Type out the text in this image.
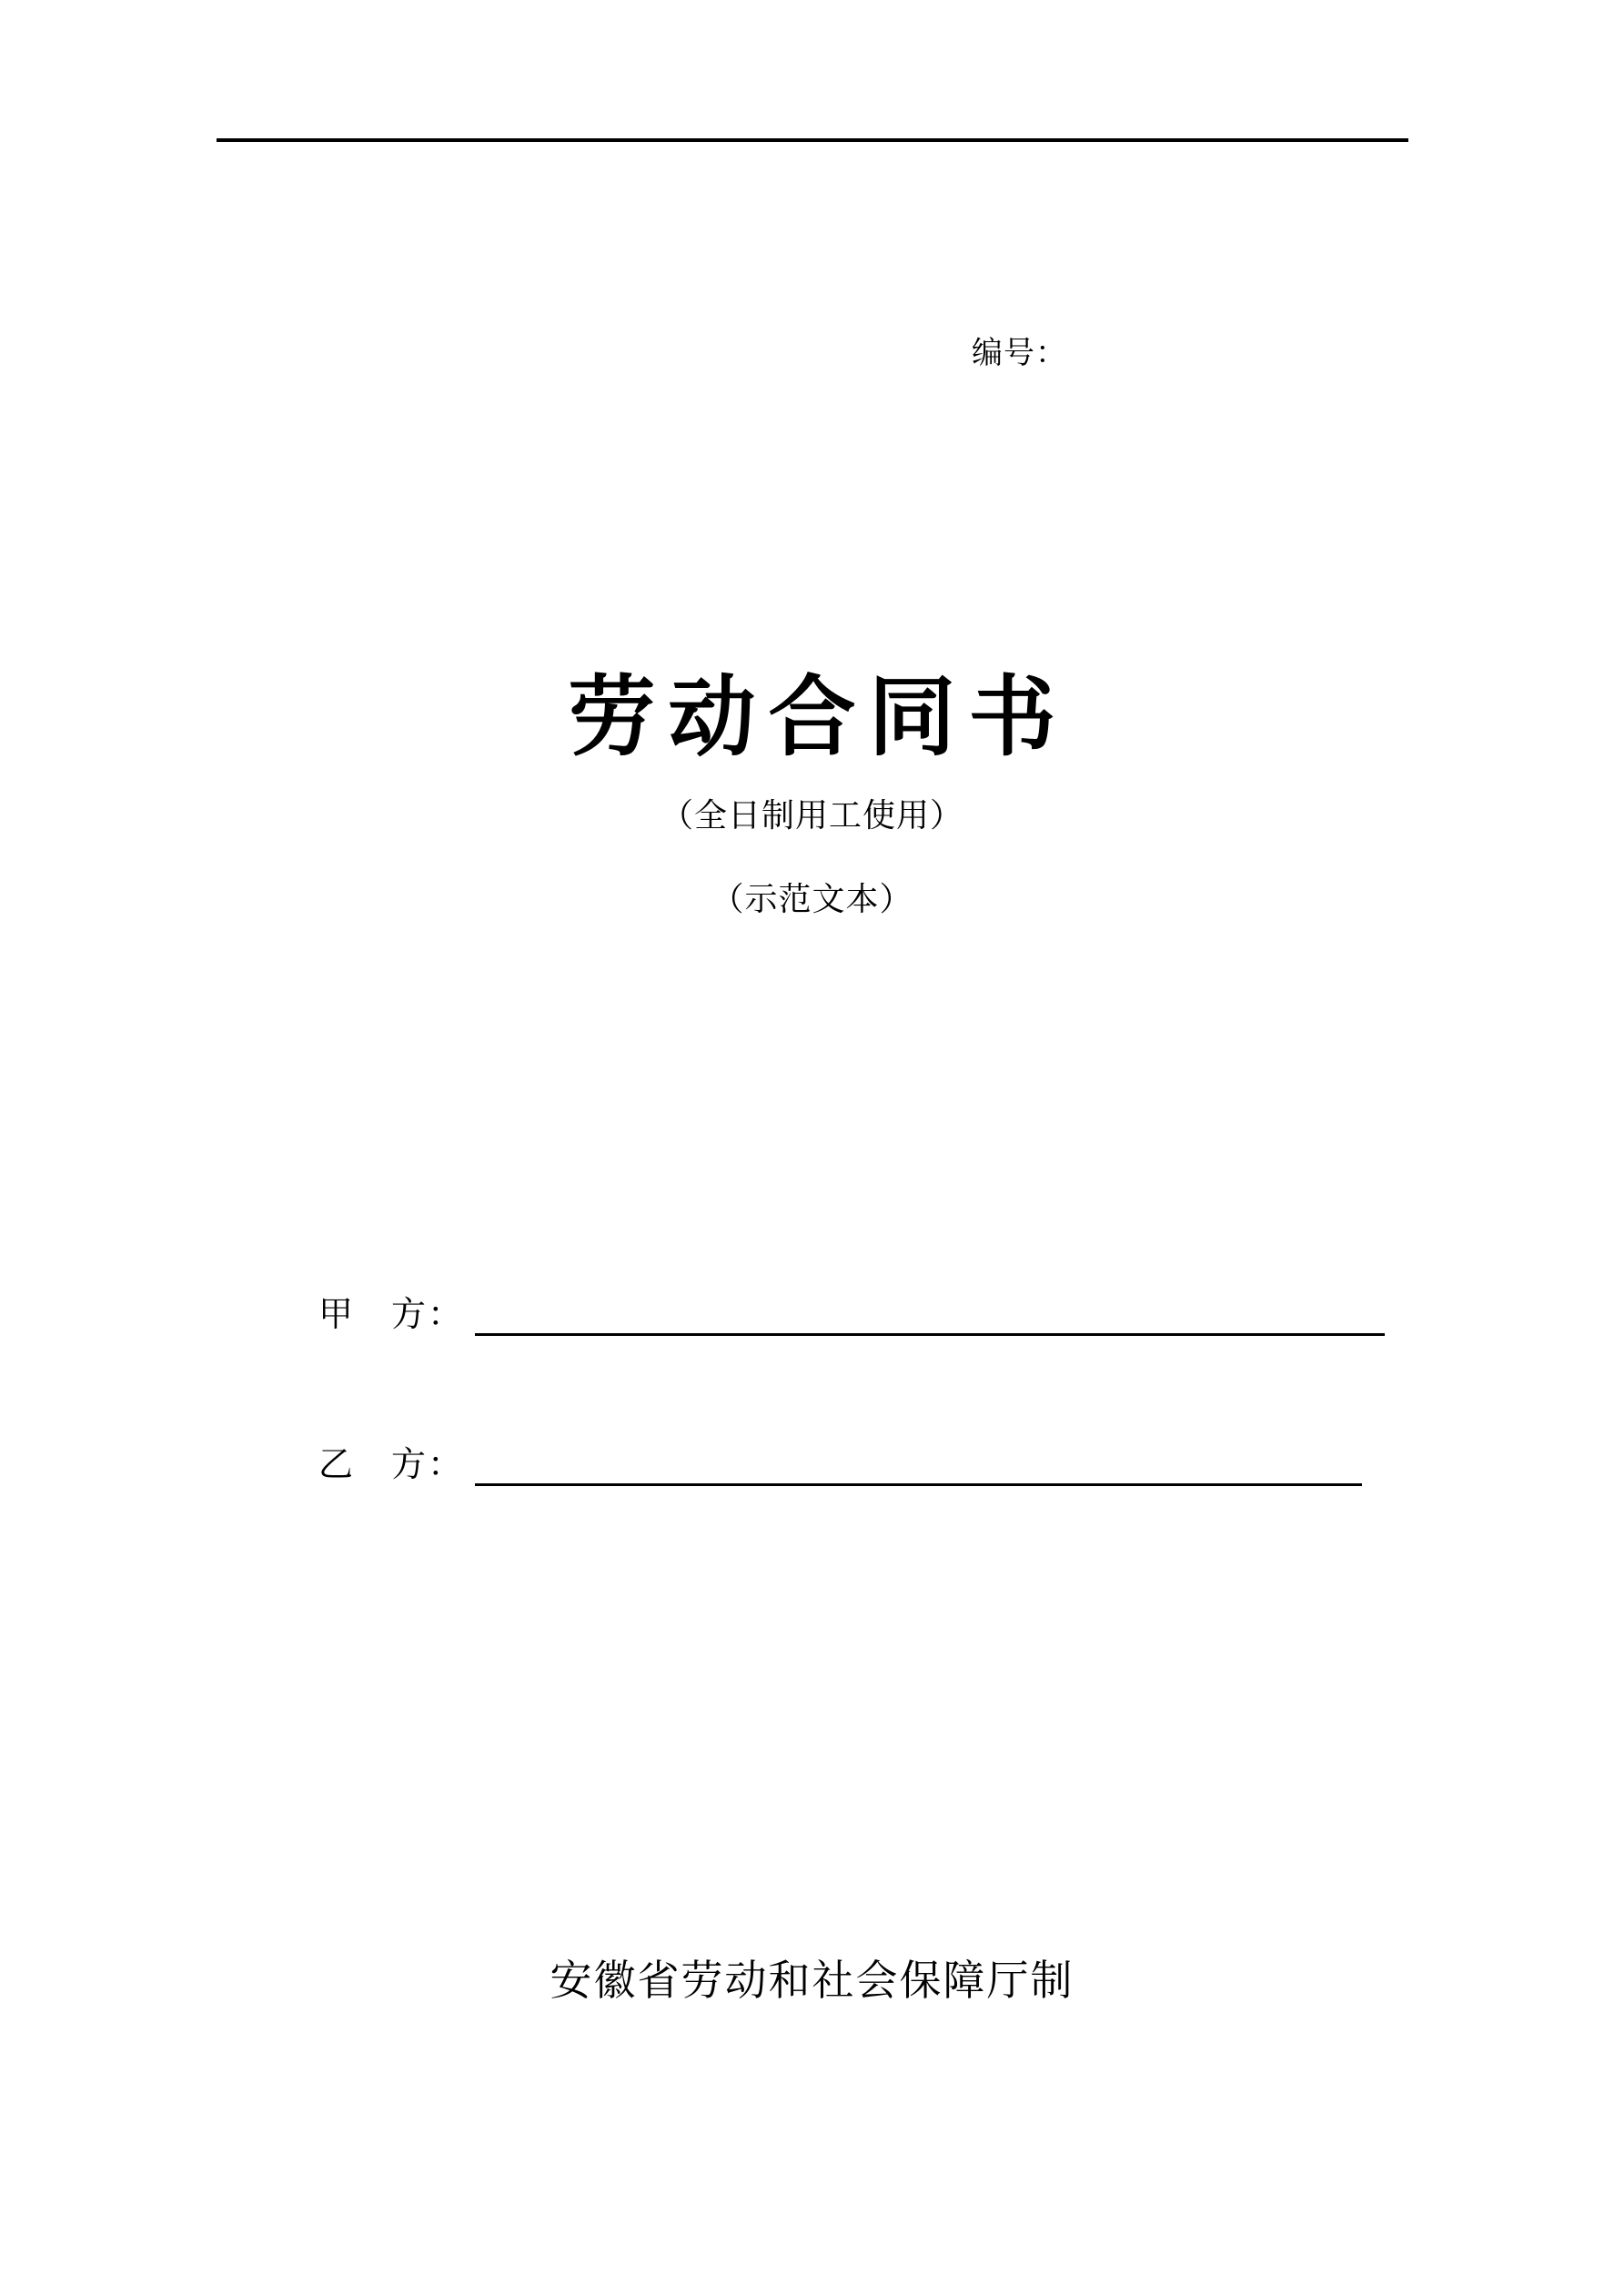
编号：
劳动合同书
（全日制用工使用）
（示范文本）
甲　方：
乙　方：
安徽省劳动和社会保障厅制
